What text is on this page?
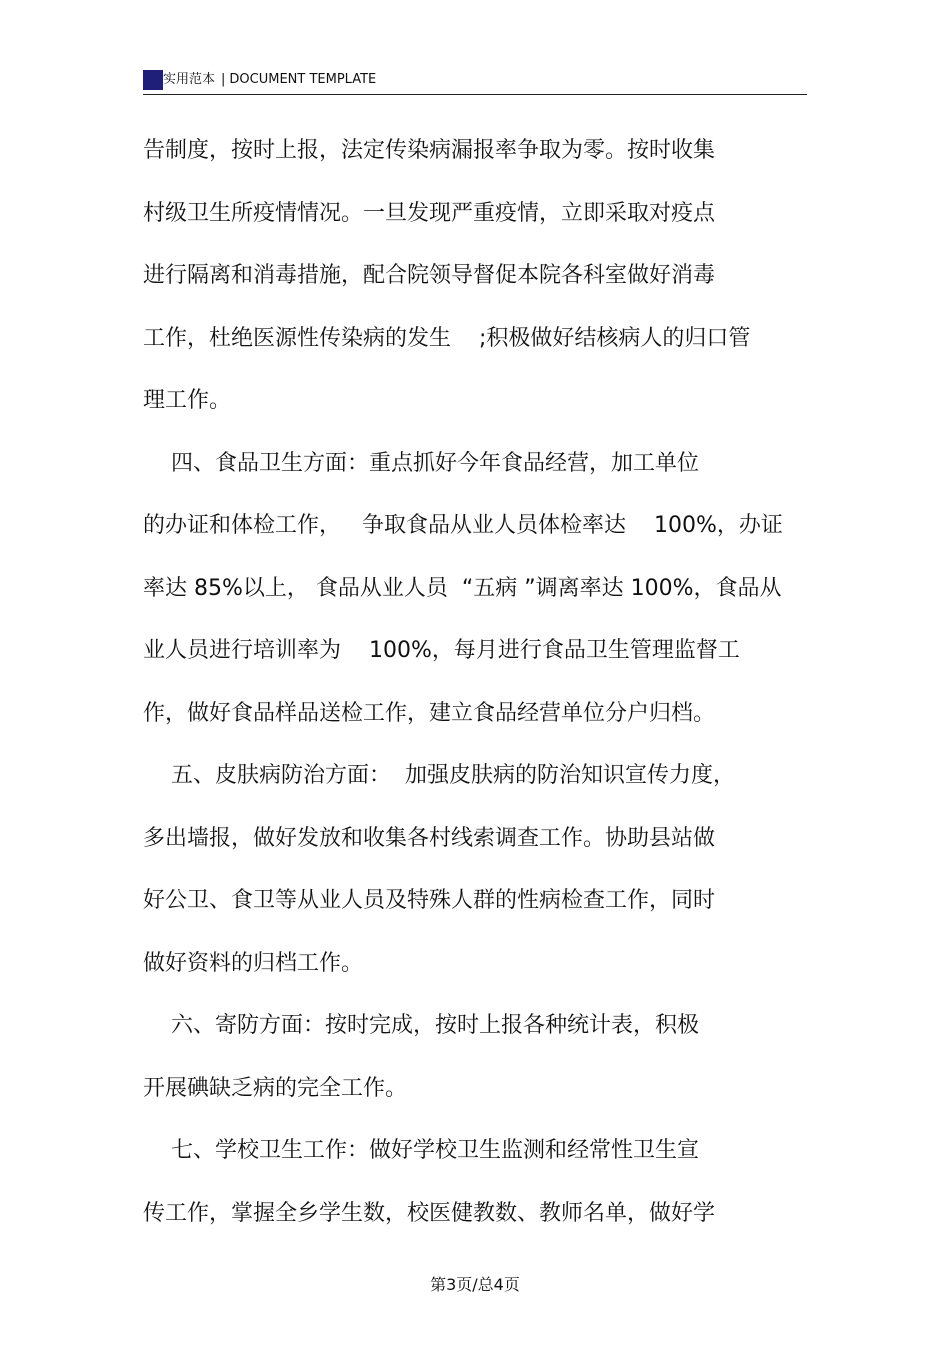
实用范本 | DOCUMENT TEMPLATE
告制度，按时上报，法定传染病漏报率争取为零。按时收集
村级卫生所疫情情况。一旦发现严重疫情，立即采取对疫点
进行隔离和消毒措施，配合院领导督促本院各科室做好消毒
工作，杜绝医源性传染病的发生    ;积极做好结核病人的归口管
理工作。
四、食品卫生方面：重点抓好今年食品经营，加工单位
的办证和体检工作，   争取食品从业人员体检率达    100%，办证
率达 85%以上， 食品从业人员  “五病 ”调离率达 100%，食品从
业人员进行培训率为    100%，每月进行食品卫生管理监督工
作，做好食品样品送检工作，建立食品经营单位分户归档。
五、皮肤病防治方面：  加强皮肤病的防治知识宣传力度，
多出墙报，做好发放和收集各村线索调查工作。协助县站做
好公卫、食卫等从业人员及特殊人群的性病检查工作，同时
做好资料的归档工作。
六、寄防方面：按时完成，按时上报各种统计表，积极
开展碘缺乏病的完全工作。
七、学校卫生工作：做好学校卫生监测和经常性卫生宣
传工作，掌握全乡学生数，校医健教数、教师名单，做好学
第3页/总4页
